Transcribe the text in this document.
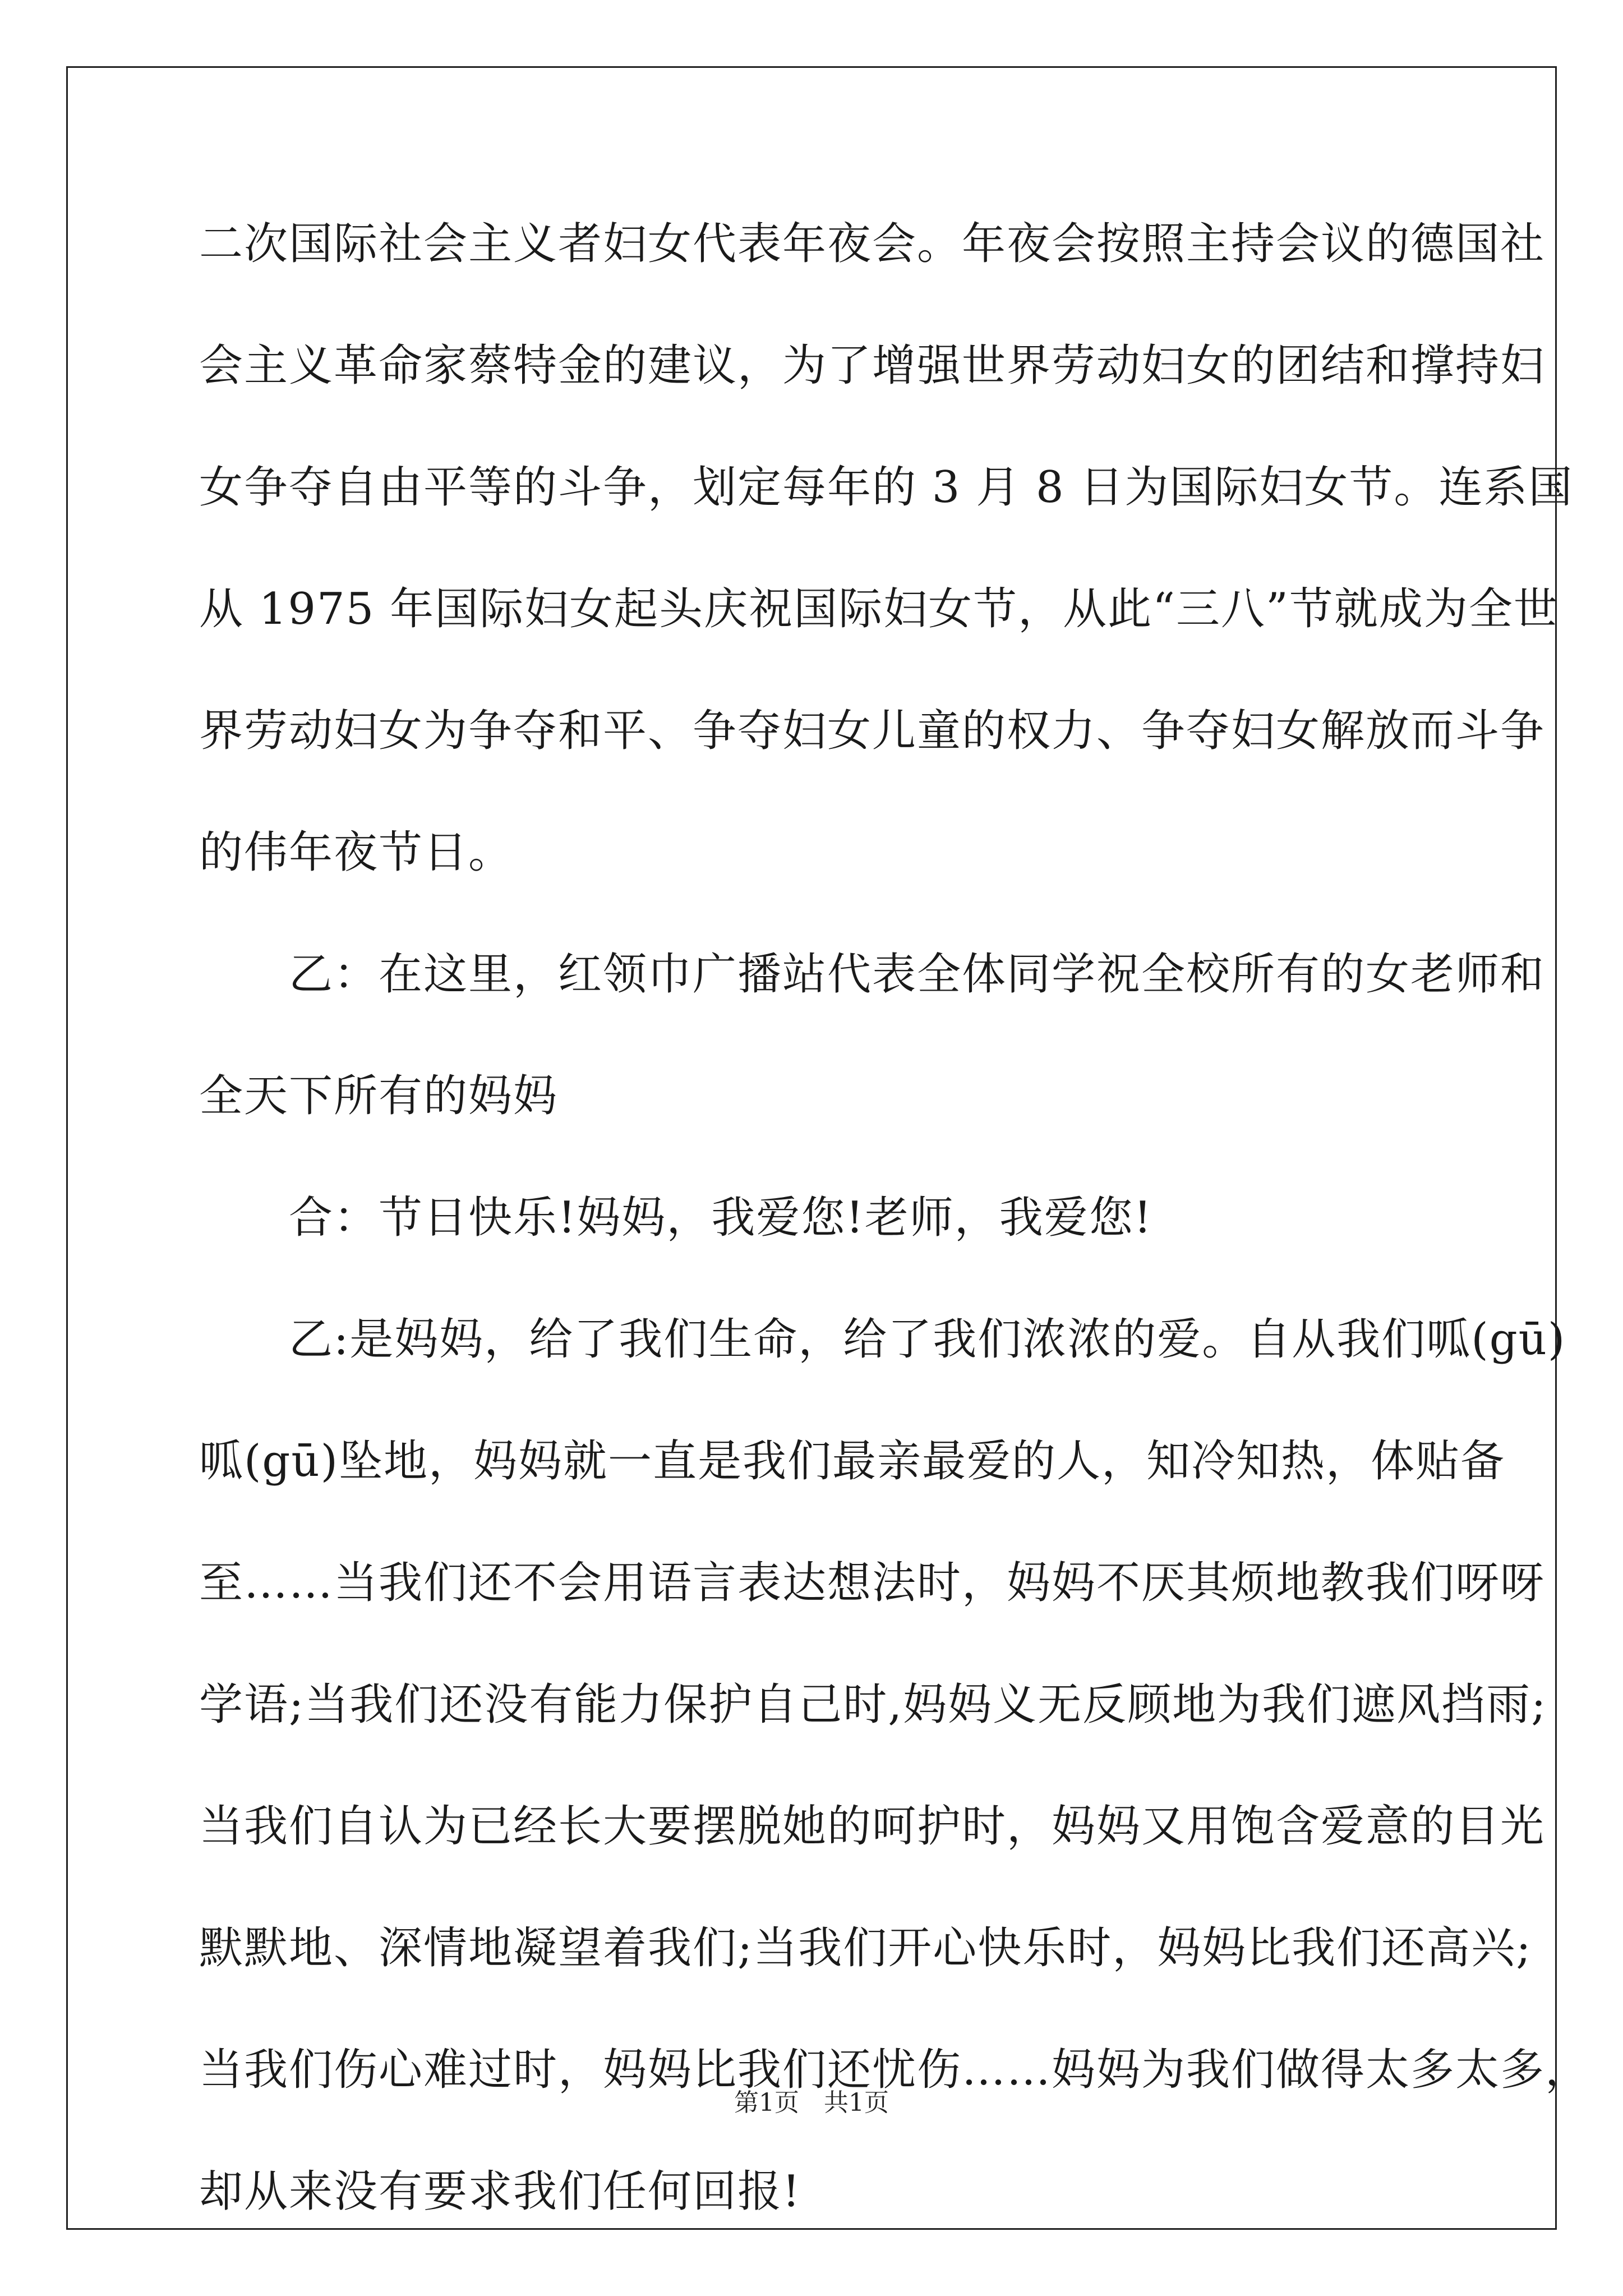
二次国际社会主义者妇女代表年夜会。年夜会按照主持会议的德国社
会主义革命家蔡特金的建议，为了增强世界劳动妇女的团结和撑持妇
女争夺自由平等的斗争，划定每年的 3 月 8 日为国际妇女节。连系国
从 1975 年国际妇女起头庆祝国际妇女节，从此“三八”节就成为全世
界劳动妇女为争夺和平、争夺妇女儿童的权力、争夺妇女解放而斗争
的伟年夜节日。
　　乙：在这里，红领巾广播站代表全体同学祝全校所有的女老师和
全天下所有的妈妈
　　合：节日快乐!妈妈，我爱您!老师，我爱您!
　　乙:是妈妈，给了我们生命，给了我们浓浓的爱。自从我们呱(gū)
呱(gū)坠地，妈妈就一直是我们最亲最爱的人，知冷知热，体贴备
至……当我们还不会用语言表达想法时，妈妈不厌其烦地教我们呀呀
学语;当我们还没有能力保护自己时,妈妈义无反顾地为我们遮风挡雨;
当我们自认为已经长大要摆脱她的呵护时，妈妈又用饱含爱意的目光
默默地、深情地凝望着我们;当我们开心快乐时，妈妈比我们还高兴;
当我们伤心难过时，妈妈比我们还忧伤……妈妈为我们做得太多太多，
却从来没有要求我们任何回报!
第1页　共1页
